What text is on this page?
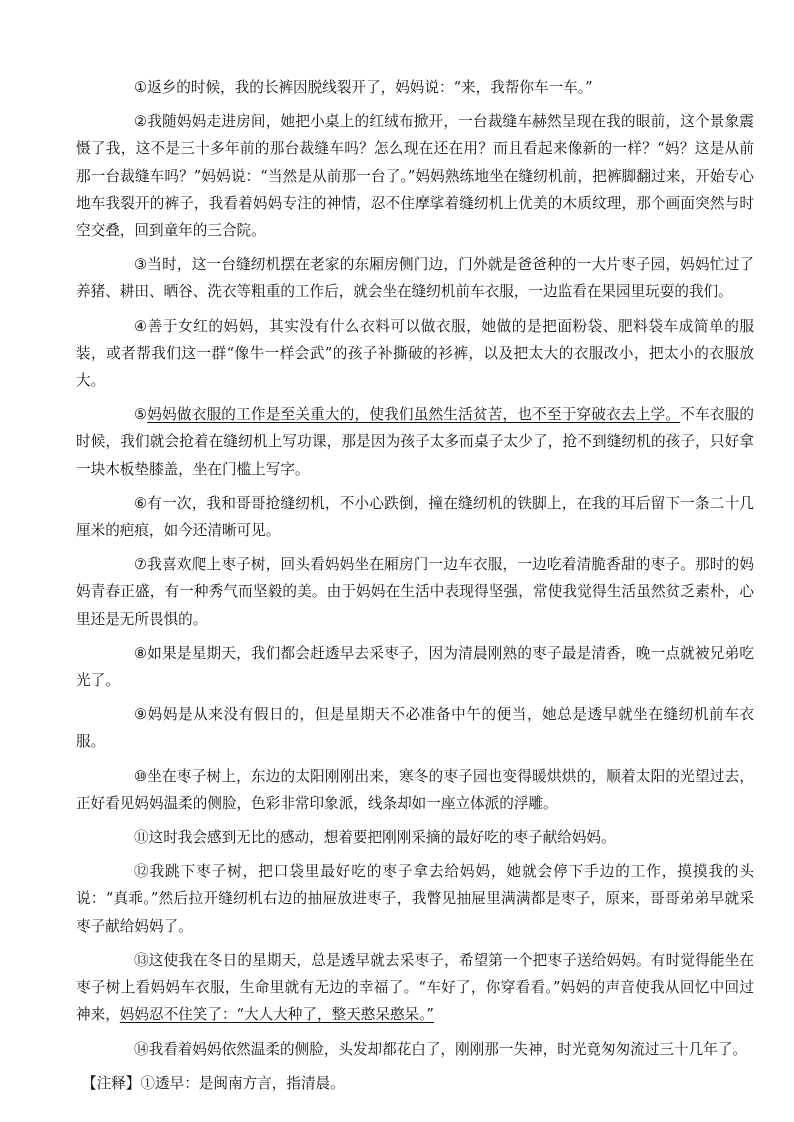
①返乡的时候，我的长裤因脱线裂开了，妈妈说：“来，我帮你车一车。”

②我随妈妈走进房间，她把小桌上的红绒布掀开，一台裁缝车赫然呈现在我的眼前，这个景象震慑了我，这不是三十多年前的那台裁缝车吗？怎么现在还在用？而且看起来像新的一样？“妈？这是从前那一台裁缝车吗？”妈妈说：“当然是从前那一台了。”妈妈熟练地坐在缝纫机前，把裤脚翻过来，开始专心地车我裂开的裤子，我看着妈妈专注的神情，忍不住摩挲着缝纫机上优美的木质纹理，那个画面突然与时空交叠，回到童年的三合院。

③当时，这一台缝纫机摆在老家的东厢房侧门边，门外就是爸爸种的一大片枣子园，妈妈忙过了养猪、耕田、晒谷、洗衣等粗重的工作后，就会坐在缝纫机前车衣服，一边监看在果园里玩耍的我们。

④善于女红的妈妈，其实没有什么衣料可以做衣服，她做的是把面粉袋、肥料袋车成简单的服装，或者帮我们这一群“像牛一样会武”的孩子补撕破的衫裤，以及把太大的衣服改小，把太小的衣服放大。

⑤妈妈做衣服的工作是至关重大的，使我们虽然生活贫苦，也不至于穿破衣去上学。不车衣服的时候，我们就会抢着在缝纫机上写功课，那是因为孩子太多而桌子太少了，抢不到缝纫机的孩子，只好拿一块木板垫膝盖，坐在门槛上写字。

⑥有一次，我和哥哥抢缝纫机，不小心跌倒，撞在缝纫机的铁脚上，在我的耳后留下一条二十几厘米的疤痕，如今还清晰可见。

⑦我喜欢爬上枣子树，回头看妈妈坐在厢房门一边车衣服，一边吃着清脆香甜的枣子。那时的妈妈青春正盛，有一种秀气而坚毅的美。由于妈妈在生活中表现得坚强，常使我觉得生活虽然贫乏素朴，心里还是无所畏惧的。

⑧如果是星期天，我们都会赶透早去采枣子，因为清晨刚熟的枣子最是清香，晚一点就被兄弟吃光了。

⑨妈妈是从来没有假日的，但是星期天不必准备中午的便当，她总是透早就坐在缝纫机前车衣服。

⑩坐在枣子树上，东边的太阳刚刚出来，寒冬的枣子园也变得暖烘烘的，顺着太阳的光望过去，正好看见妈妈温柔的侧脸，色彩非常印象派，线条却如一座立体派的浮雕。

⑪这时我会感到无比的感动，想着要把刚刚采摘的最好吃的枣子献给妈妈。

⑫我跳下枣子树，把口袋里最好吃的枣子拿去给妈妈，她就会停下手边的工作，摸摸我的头说：“真乖。”然后拉开缝纫机右边的抽屉放进枣子，我瞥见抽屉里满满都是枣子，原来，哥哥弟弟早就采枣子献给妈妈了。

⑬这使我在冬日的星期天，总是透早就去采枣子，希望第一个把枣子送给妈妈。有时觉得能坐在枣子树上看妈妈车衣服，生命里就有无边的幸福了。“车好了，你穿看看。”妈妈的声音使我从回忆中回过神来，妈妈忍不住笑了：“大人大种了，整天憨呆憨呆。”

⑭我看着妈妈依然温柔的侧脸，头发却都花白了，刚刚那一失神，时光竟匆匆流过三十几年了。

【注释】①透早：是闽南方言，指清晨。
